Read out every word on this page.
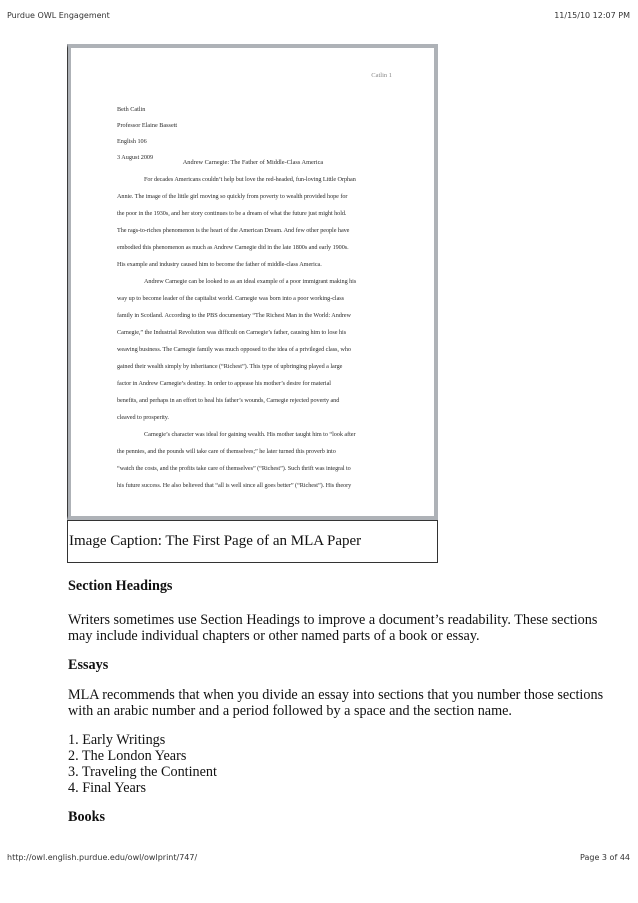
Purdue OWL Engagement	11/15/10 12:07 PM
Catlin 1
Beth Catlin
Professor Elaine Bassett
English 106
3 August 2009
Andrew Carnegie: The Father of Middle-Class America
For decades Americans couldn’t help but love the red-headed, fun-loving Little Orphan
Annie. The image of the little girl moving so quickly from poverty to wealth provided hope for
the poor in the 1930s, and her story continues to be a dream of what the future just might hold.
The rags-to-riches phenomenon is the heart of the American Dream. And few other people have
embodied this phenomenon as much as Andrew Carnegie did in the late 1800s and early 1900s.
His example and industry caused him to become the father of middle-class America.
Andrew Carnegie can be looked to as an ideal example of a poor immigrant making his
way up to become leader of the capitalist world. Carnegie was born into a poor working-class
family in Scotland. According to the PBS documentary “The Richest Man in the World: Andrew
Carnegie,” the Industrial Revolution was difficult on Carnegie’s father, causing him to lose his
weaving business. The Carnegie family was much opposed to the idea of a privileged class, who
gained their wealth simply by inheritance (“Richest”). This type of upbringing played a large
factor in Andrew Carnegie’s destiny. In order to appease his mother’s desire for material
benefits, and perhaps in an effort to heal his father’s wounds, Carnegie rejected poverty and
cleaved to prosperity.
Carnegie’s character was ideal for gaining wealth. His mother taught him to “look after
the pennies, and the pounds will take care of themselves;” he later turned this proverb into
“watch the costs, and the profits take care of themselves” (“Richest”). Such thrift was integral to
his future success. He also believed that “all is well since all goes better” (“Richest”). His theory
Image Caption: The First Page of an MLA Paper
Section Headings

Writers sometimes use Section Headings to improve a document’s readability. These sections may include individual chapters or other named parts of a book or essay.

Essays

MLA recommends that when you divide an essay into sections that you number those sections with an arabic number and a period followed by a space and the section name.

1. Early Writings
2. The London Years
3. Traveling the Continent
4. Final Years
Books
http://owl.english.purdue.edu/owl/owlprint/747/	Page 3 of 44
